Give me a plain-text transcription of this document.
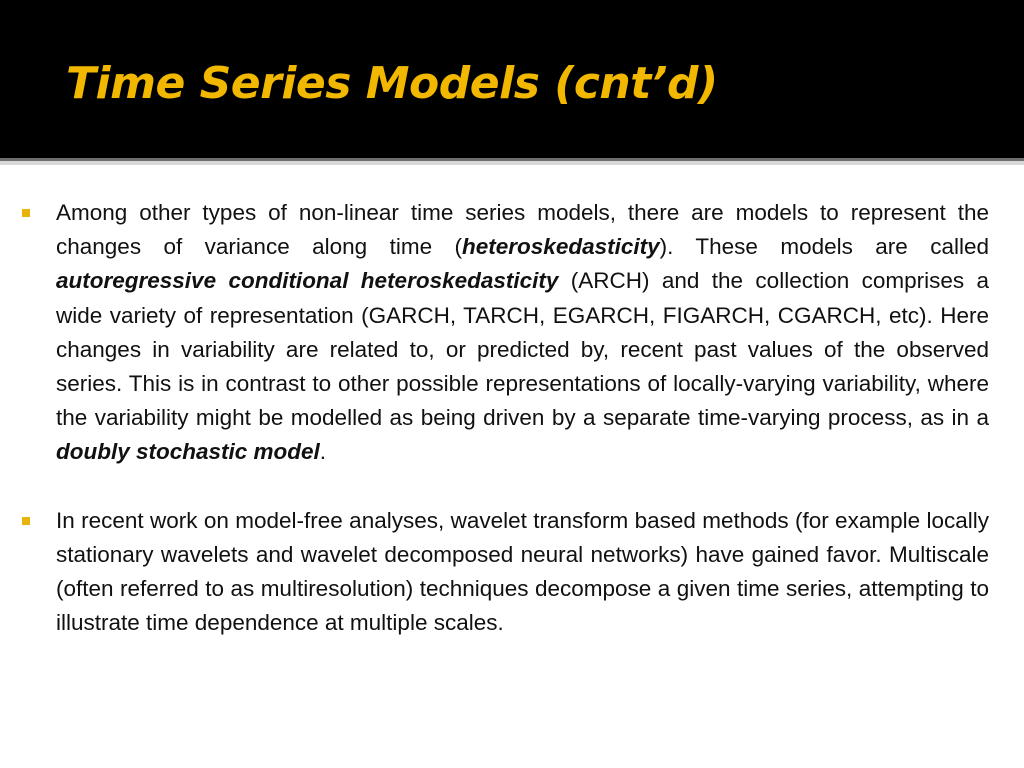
Time Series Models (cnt’d)
Among other types of non-linear time series models, there are models to represent the changes of variance along time (heteroskedasticity). These models are called autoregressive conditional heteroskedasticity (ARCH) and the collection comprises a wide variety of representation (GARCH, TARCH, EGARCH, FIGARCH, CGARCH, etc). Here changes in variability are related to, or predicted by, recent past values of the observed series. This is in contrast to other possible representations of locally-varying variability, where the variability might be modelled as being driven by a separate time-varying process, as in a doubly stochastic model.
In recent work on model-free analyses, wavelet transform based methods (for example locally stationary wavelets and wavelet decomposed neural networks) have gained favor. Multiscale (often referred to as multiresolution) techniques decompose a given time series, attempting to illustrate time dependence at multiple scales.
